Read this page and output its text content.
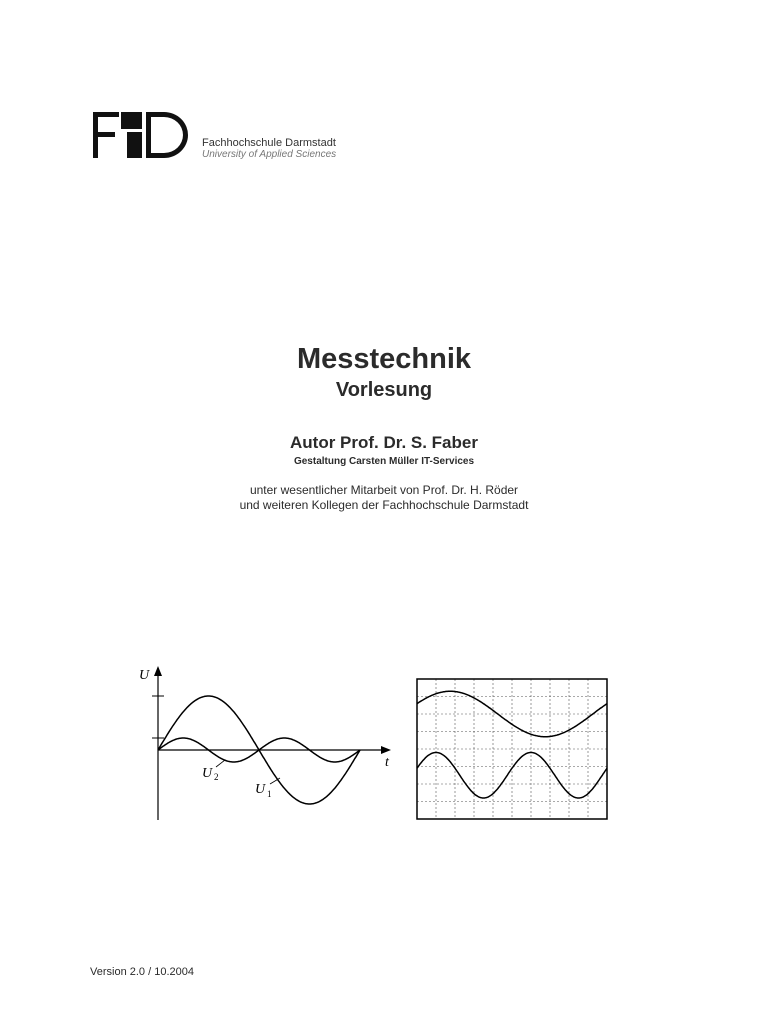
Fachhochschule Darmstadt
University of Applied Sciences
Messtechnik
Vorlesung
Autor Prof. Dr. S. Faber
Gestaltung Carsten Müller IT-Services
unter wesentlicher Mitarbeit von Prof. Dr. H. Röder
und weiteren Kollegen der Fachhochschule Darmstadt
U
t
U 2
U 1
Version 2.0 / 10.2004
